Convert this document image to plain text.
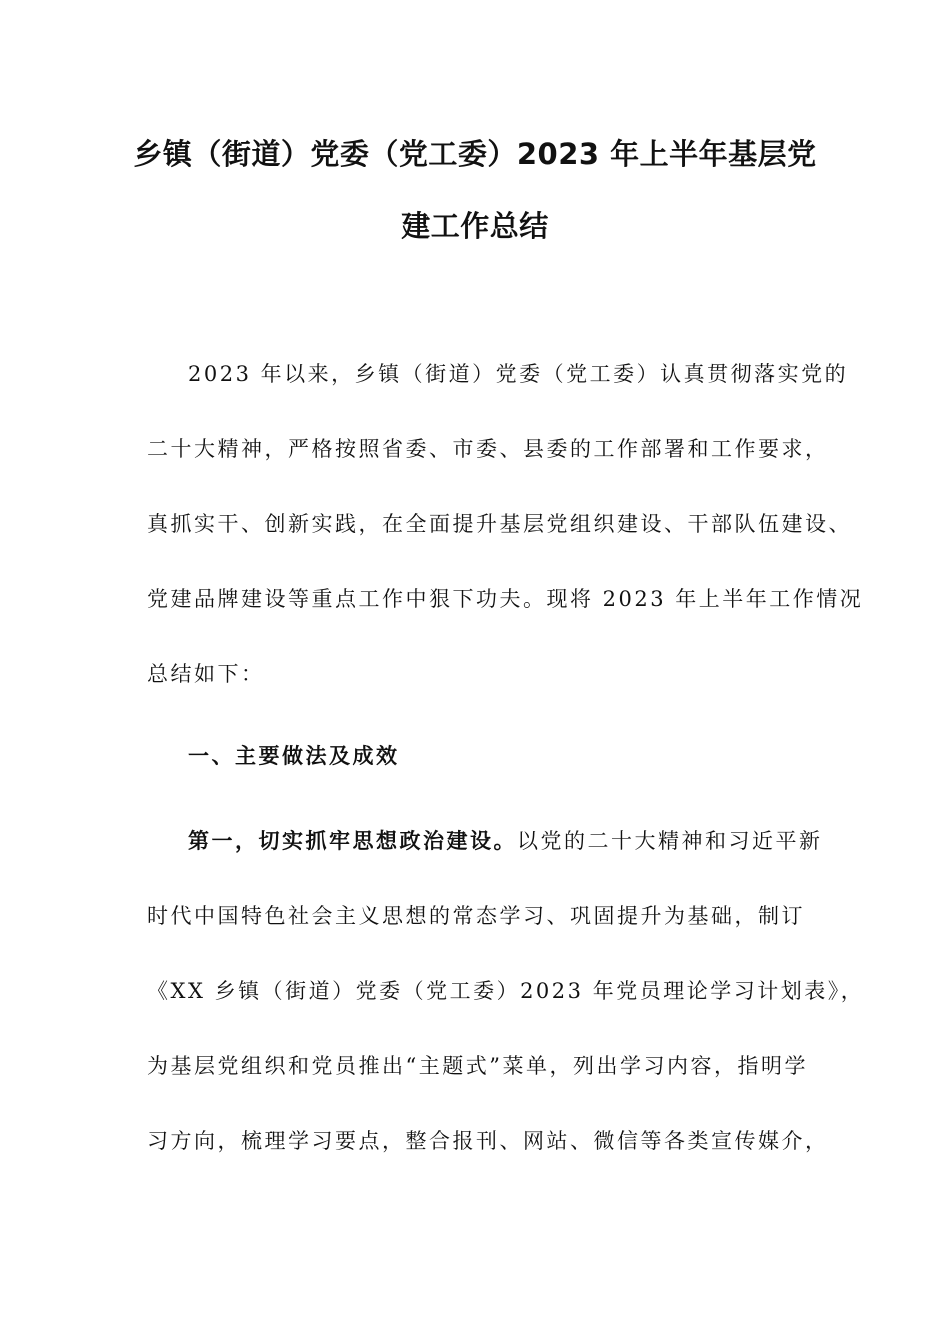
乡镇（街道）党委（党工委）2023 年上半年基层党
建工作总结
2023 年以来，乡镇（街道）党委（党工委）认真贯彻落实党的
二十大精神，严格按照省委、市委、县委的工作部署和工作要求，
真抓实干、创新实践，在全面提升基层党组织建设、干部队伍建设、
党建品牌建设等重点工作中狠下功夫。现将 2023 年上半年工作情况
总结如下：
一、主要做法及成效
第一，切实抓牢思想政治建设。以党的二十大精神和习近平新
时代中国特色社会主义思想的常态学习、巩固提升为基础，制订
《XX 乡镇（街道）党委（党工委）2023 年党员理论学习计划表》，
为基层党组织和党员推出“主题式”菜单，列出学习内容，指明学
习方向，梳理学习要点，整合报刊、网站、微信等各类宣传媒介，
